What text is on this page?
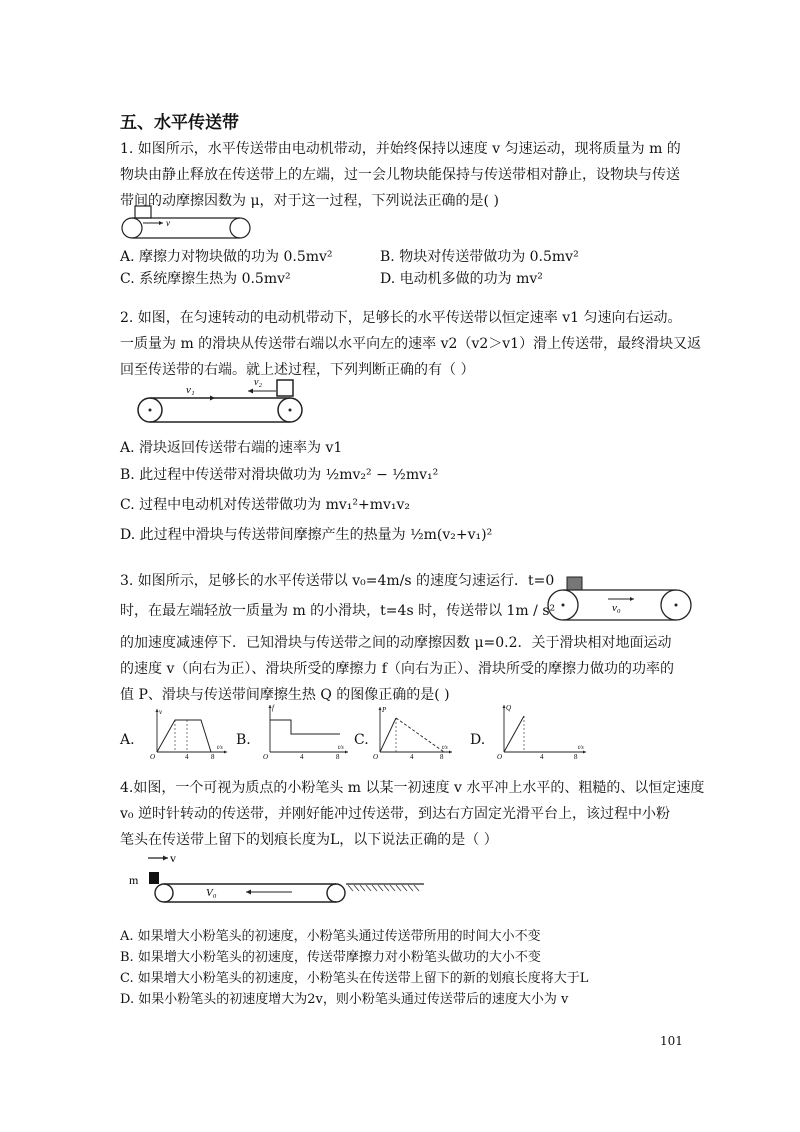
五、水平传送带
1. 如图所示，水平传送带由电动机带动，并始终保持以速度 v 匀速运动，现将质量为 m 的
物块由静止释放在传送带上的左端，过一会儿物块能保持与传送带相对静止，设物块与传送
带间的动摩擦因数为 μ，对于这一过程，下列说法正确的是( )
v
A. 摩擦力对物块做的功为 0.5mv²	B. 物块对传送带做功为 0.5mv²
C. 系统摩擦生热为 0.5mv²	D. 电动机多做的功为 mv²
2. 如图，在匀速转动的电动机带动下，足够长的水平传送带以恒定速率 v1 匀速向右运动。
一质量为 m 的滑块从传送带右端以水平向左的速率 v2（v2＞v1）滑上传送带，最终滑块又返
回至传送带的右端。就上述过程，下列判断正确的有（ ）
v₂
v₁
A. 滑块返回传送带右端的速率为 v1
B. 此过程中传送带对滑块做功为 ½mv₂² − ½mv₁²
C. 过程中电动机对传送带做功为 mv₁²+mv₁v₂
D. 此过程中滑块与传送带间摩擦产生的热量为 ½m(v₂+v₁)²
3. 如图所示，足够长的水平传送带以 v₀=4m/s 的速度匀速运行．t=0
时，在最左端轻放一质量为 m 的小滑块，t=4s 时，传送带以 1m / s²	v₀
的加速度减速停下．已知滑块与传送带之间的动摩擦因数 μ=0.2．关于滑块相对地面运动
的速度 v（向右为正）、滑块所受的摩擦力 f（向右为正）、滑块所受的摩擦力做功的功率的
值 P、滑块与传送带间摩擦生热 Q 的图像正确的是( )
A.
v
O	4	8
t/s B.
f
O	4	8
t/s C.
P
O	4	8
t/s D.
Q
O	4	8
t/s
4.如图，一个可视为质点的小粉笔头 m 以某一初速度 v 水平冲上水平的、粗糙的、以恒定速度
v₀ 逆时针转动的传送带，并刚好能冲过传送带，到达右方固定光滑平台上，该过程中小粉
笔头在传送带上留下的划痕长度为L，以下说法正确的是（ ）
v
m
V₀
A. 如果增大小粉笔头的初速度，小粉笔头通过传送带所用的时间大小不变
B. 如果增大小粉笔头的初速度，传送带摩擦力对小粉笔头做功的大小不变
C. 如果增大小粉笔头的初速度，小粉笔头在传送带上留下的新的划痕长度将大于L
D. 如果小粉笔头的初速度增大为2v，则小粉笔头通过传送带后的速度大小为 v
101
